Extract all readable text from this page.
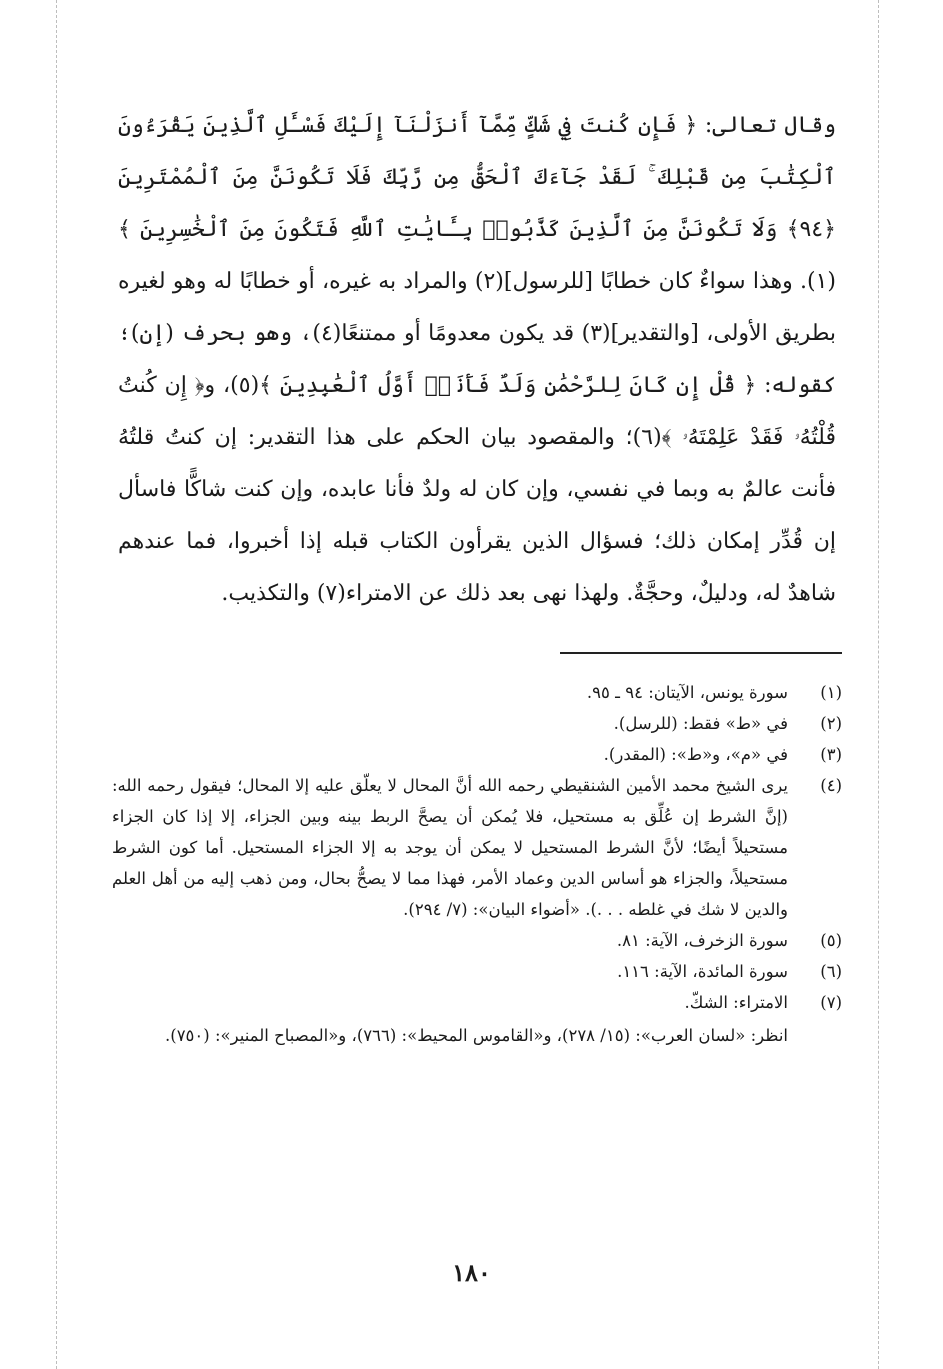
وقال تعالى: ﴿ فَإِن كُنتَ فِي شَكٍّ مِّمَّآ أَنزَلْنَآ إِلَيْكَ فَسْـَٔلِ ٱلَّذِينَ يَقْرَءُونَ ٱلْكِتَٰبَ مِن قَبْلِكَ ۚ لَقَدْ جَآءَكَ ٱلْحَقُّ مِن رَّبِّكَ فَلَا تَكُونَنَّ مِنَ ٱلْمُمْتَرِينَ ﴿٩٤﴾ وَلَا تَكُونَنَّ مِنَ ٱلَّذِينَ كَذَّبُوا۟ بِـَٔايَٰتِ ٱللَّهِ فَتَكُونَ مِنَ ٱلْخَٰسِرِينَ ﴾(١). وهذا سواءٌ كان خطابًا [للرسول](٢) والمراد به غيره، أو خطابًا له وهو لغيره بطريق الأولى، [والتقدير](٣) قد يكون معدومًا أو ممتنعًا(٤)، وهو بحرف (إن)؛ كقوله: ﴿ قُلْ إِن كَانَ لِلرَّحْمَٰنِ وَلَدٌ فَأَنَا۠ أَوَّلُ ٱلْعَٰبِدِينَ ﴾(٥)، و﴿ إِن كُنتُ قُلْتُهُۥ فَقَدْ عَلِمْتَهُۥ ﴾(٦)؛ والمقصود بيان الحكم على هذا التقدير: إن كنتُ قلتُهُ فأنت عالمٌ به وبما في نفسي، وإن كان له ولدٌ فأنا عابده، وإن كنت شاكًّا فاسأل إن قُدِّر إمكان ذلك؛ فسؤال الذين يقرأون الكتاب قبله إذا أخبروا، فما عندهم شاهدٌ له، ودليلٌ، وحجَّةٌ. ولهذا نهى بعد ذلك عن الامتراء(٧) والتكذيب.

(١)
سورة يونس، الآيتان: ٩٤ ـ ٩٥.
(٢)
في «ط» فقط: (للرسل).
(٣)
في «م»، و«ط»: (المقدر).
(٤)
يرى الشيخ محمد الأمين الشنقيطي رحمه الله أنَّ المحال لا يعلّق عليه إلا المحال؛ فيقول رحمه الله: (إنَّ الشرط إن عُلِّق به مستحيل، فلا يُمكن أن يصحَّ الربط بينه وبين الجزاء، إلا إذا كان الجزاء مستحيلاً أيضًا؛ لأنَّ الشرط المستحيل لا يمكن أن يوجد به إلا الجزاء المستحيل. أما كون الشرط مستحيلاً، والجزاء هو أساس الدين وعماد الأمر، فهذا مما لا يصحُّ بحال، ومن ذهب إليه من أهل العلم والدين لا شك في غلطه . . .). «أضواء البيان»: (٧/ ٢٩٤).
(٥)
سورة الزخرف، الآية: ٨١.
(٦)
سورة المائدة، الآية: ١١٦.
(٧)
الامتراء: الشكّ.
انظر: «لسان العرب»: (١٥/ ٢٧٨)، و«القاموس المحيط»: (٧٦٦)، و«المصباح المنير»: (٧٥٠).
١٨٠
